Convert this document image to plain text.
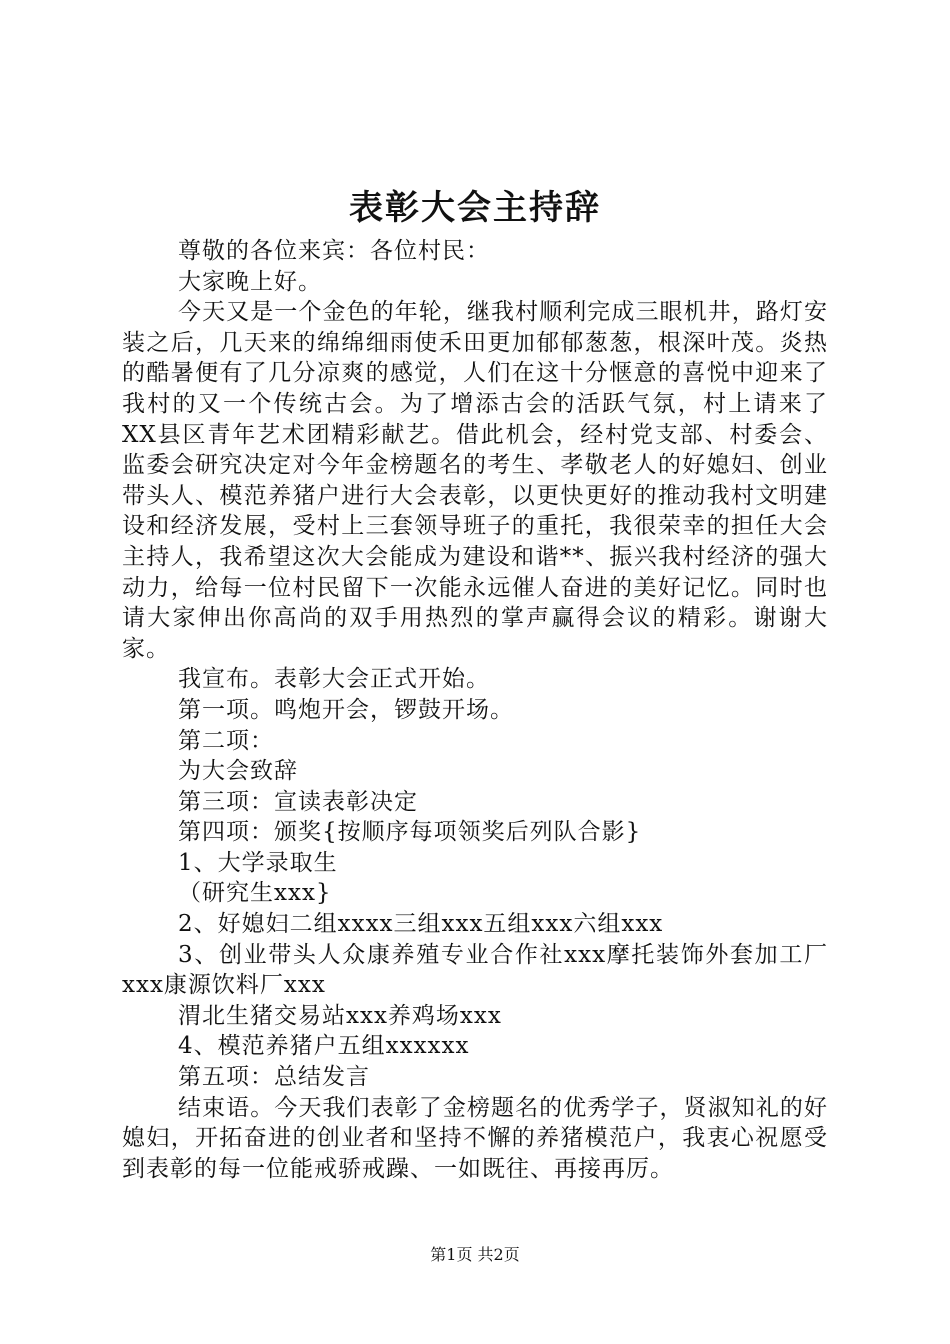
表彰大会主持辞

尊敬的各位来宾：各位村民：

大家晚上好。

今天又是一个金色的年轮，继我村顺利完成三眼机井，路灯安装之后，几天来的绵绵细雨使禾田更加郁郁葱葱，根深叶茂。炎热的酷暑便有了几分凉爽的感觉，人们在这十分惬意的喜悦中迎来了我村的又一个传统古会。为了增添古会的活跃气氛，村上请来了XX县区青年艺术团精彩献艺。借此机会，经村党支部、村委会、监委会研究决定对今年金榜题名的考生、孝敬老人的好媳妇、创业带头人、模范养猪户进行大会表彰，以更快更好的推动我村文明建设和经济发展，受村上三套领导班子的重托，我很荣幸的担任大会主持人，我希望这次大会能成为建设和谐**、振兴我村经济的强大动力，给每一位村民留下一次能永远催人奋进的美好记忆。同时也请大家伸出你高尚的双手用热烈的掌声赢得会议的精彩。谢谢大家。

我宣布。表彰大会正式开始。

第一项。鸣炮开会，锣鼓开场。

第二项：

为大会致辞

第三项：宣读表彰决定

第四项：颁奖{按顺序每项领奖后列队合影}

1、大学录取生

（研究生xxx}

2、好媳妇二组xxxx三组xxx五组xxx六组xxx

3、创业带头人众康养殖专业合作社xxx摩托装饰外套加工厂xxx康源饮料厂xxx

渭北生猪交易站xxx养鸡场xxx

4、模范养猪户五组xxxxxx

第五项：总结发言

结束语。今天我们表彰了金榜题名的优秀学子，贤淑知礼的好媳妇，开拓奋进的创业者和坚持不懈的养猪模范户，我衷心祝愿受到表彰的每一位能戒骄戒躁、一如既往、再接再厉。

第1页 共2页
